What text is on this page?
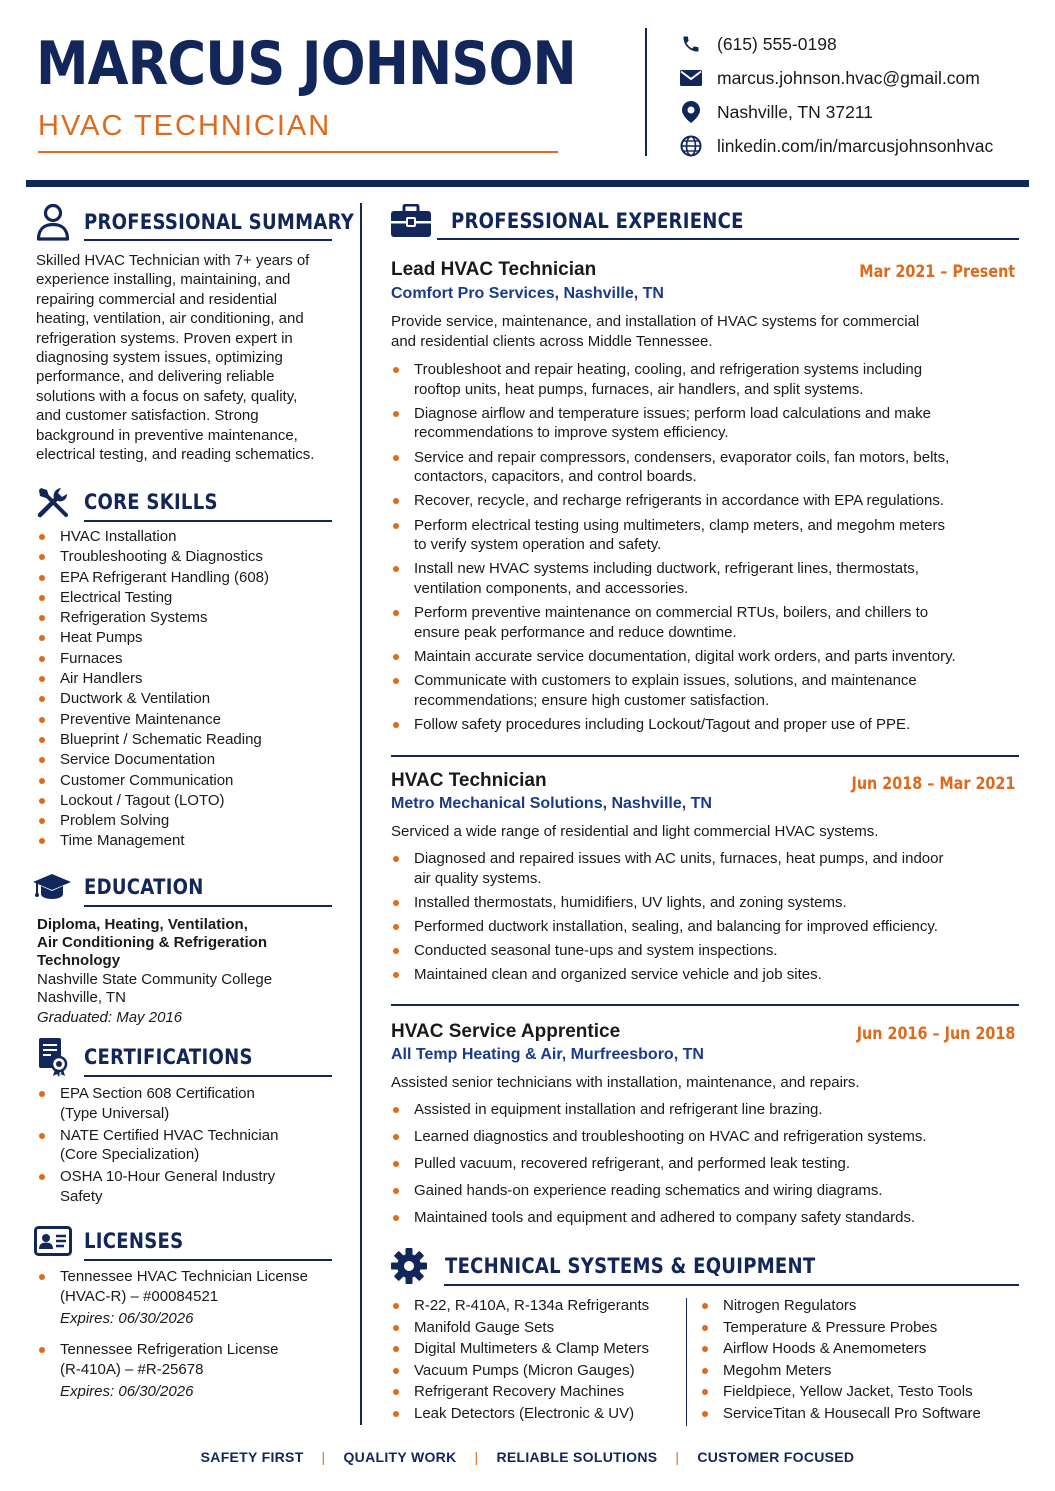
MARCUS JOHNSON
HVAC TECHNICIAN
(615) 555-0198
marcus.johnson.hvac@gmail.com
Nashville, TN 37211
linkedin.com/in/marcusjohnsonhvac
PROFESSIONAL SUMMARY
Skilled HVAC Technician with 7+ years of
experience installing, maintaining, and
repairing commercial and residential
heating, ventilation, air conditioning, and
refrigeration systems. Proven expert in
diagnosing system issues, optimizing
performance, and delivering reliable
solutions with a focus on safety, quality,
and customer satisfaction. Strong
background in preventive maintenance,
electrical testing, and reading schematics.
CORE SKILLS
HVAC Installation
Troubleshooting & Diagnostics
EPA Refrigerant Handling (608)
Electrical Testing
Refrigeration Systems
Heat Pumps
Furnaces
Air Handlers
Ductwork & Ventilation
Preventive Maintenance
Blueprint / Schematic Reading
Service Documentation
Customer Communication
Lockout / Tagout (LOTO)
Problem Solving
Time Management
EDUCATION
Diploma, Heating, Ventilation,
Air Conditioning & Refrigeration
Technology
Nashville State Community College
Nashville, TN
Graduated: May 2016
CERTIFICATIONS
EPA Section 608 Certification
(Type Universal)
NATE Certified HVAC Technician
(Core Specialization)
OSHA 10-Hour General Industry
Safety
LICENSES
Tennessee HVAC Technician License
(HVAC-R) – #00084521
Expires: 06/30/2026
Tennessee Refrigeration License
(R-410A) – #R-25678
Expires: 06/30/2026
PROFESSIONAL EXPERIENCE
Lead HVAC Technician	Mar 2021 – Present
Comfort Pro Services, Nashville, TN
Provide service, maintenance, and installation of HVAC systems for commercial
and residential clients across Middle Tennessee.
Troubleshoot and repair heating, cooling, and refrigeration systems including
rooftop units, heat pumps, furnaces, air handlers, and split systems.
Diagnose airflow and temperature issues; perform load calculations and make
recommendations to improve system efficiency.
Service and repair compressors, condensers, evaporator coils, fan motors, belts,
contactors, capacitors, and control boards.
Recover, recycle, and recharge refrigerants in accordance with EPA regulations.
Perform electrical testing using multimeters, clamp meters, and megohm meters
to verify system operation and safety.
Install new HVAC systems including ductwork, refrigerant lines, thermostats,
ventilation components, and accessories.
Perform preventive maintenance on commercial RTUs, boilers, and chillers to
ensure peak performance and reduce downtime.
Maintain accurate service documentation, digital work orders, and parts inventory.
Communicate with customers to explain issues, solutions, and maintenance
recommendations; ensure high customer satisfaction.
Follow safety procedures including Lockout/Tagout and proper use of PPE.
HVAC Technician	Jun 2018 – Mar 2021
Metro Mechanical Solutions, Nashville, TN
Serviced a wide range of residential and light commercial HVAC systems.
Diagnosed and repaired issues with AC units, furnaces, heat pumps, and indoor
air quality systems.
Installed thermostats, humidifiers, UV lights, and zoning systems.
Performed ductwork installation, sealing, and balancing for improved efficiency.
Conducted seasonal tune-ups and system inspections.
Maintained clean and organized service vehicle and job sites.
HVAC Service Apprentice	Jun 2016 – Jun 2018
All Temp Heating & Air, Murfreesboro, TN
Assisted senior technicians with installation, maintenance, and repairs.
Assisted in equipment installation and refrigerant line brazing.
Learned diagnostics and troubleshooting on HVAC and refrigeration systems.
Pulled vacuum, recovered refrigerant, and performed leak testing.
Gained hands-on experience reading schematics and wiring diagrams.
Maintained tools and equipment and adhered to company safety standards.
TECHNICAL SYSTEMS & EQUIPMENT
R-22, R-410A, R-134a Refrigerants
Manifold Gauge Sets
Digital Multimeters & Clamp Meters
Vacuum Pumps (Micron Gauges)
Refrigerant Recovery Machines
Leak Detectors (Electronic & UV)
Nitrogen Regulators
Temperature & Pressure Probes
Airflow Hoods & Anemometers
Megohm Meters
Fieldpiece, Yellow Jacket, Testo Tools
ServiceTitan & Housecall Pro Software
SAFETY FIRST | QUALITY WORK | RELIABLE SOLUTIONS | CUSTOMER FOCUSED
